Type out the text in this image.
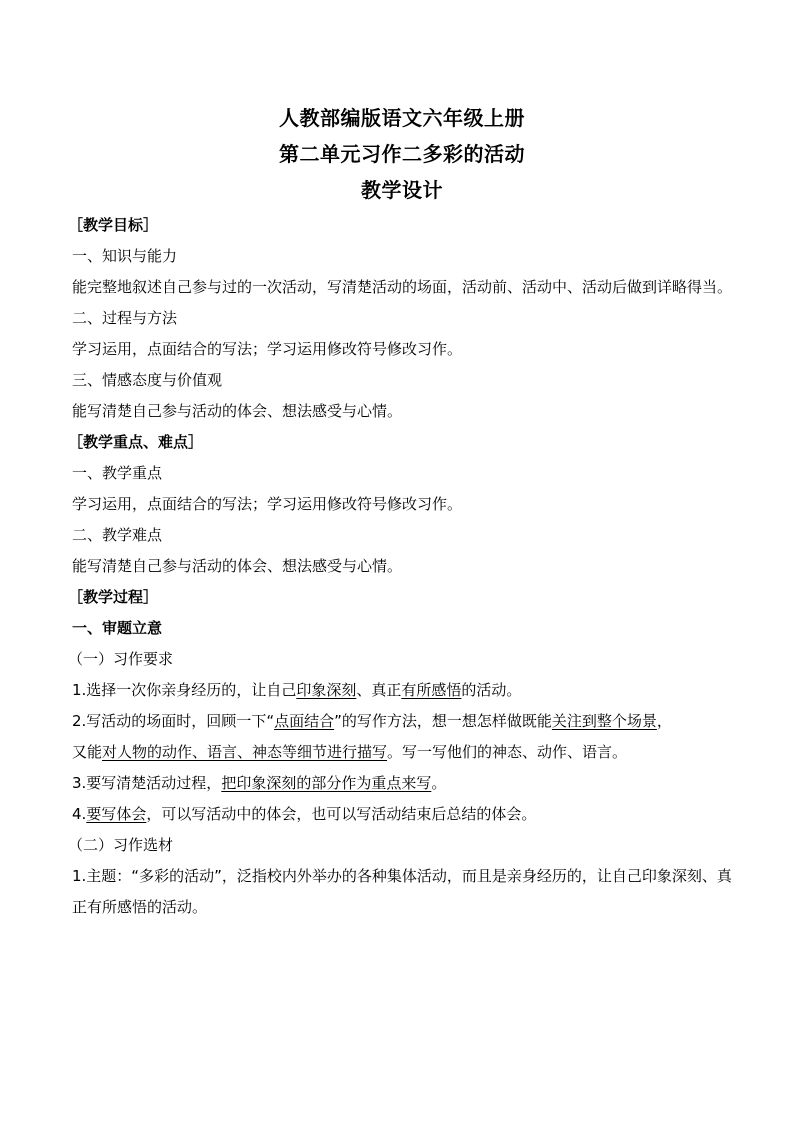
人教部编版语文六年级上册
第二单元习作二多彩的活动
教学设计
［教学目标］
一、知识与能力
能完整地叙述自己参与过的一次活动，写清楚活动的场面，活动前、活动中、活动后做到详略得当。
二、过程与方法
学习运用，点面结合的写法；学习运用修改符号修改习作。
三、情感态度与价值观
能写清楚自己参与活动的体会、想法感受与心情。
［教学重点、难点］
一、教学重点
学习运用，点面结合的写法；学习运用修改符号修改习作。
二、教学难点
能写清楚自己参与活动的体会、想法感受与心情。
［教学过程］
一、审题立意
（一）习作要求
1.选择一次你亲身经历的，让自己印象深刻、真正有所感悟的活动。
2.写活动的场面时，回顾一下“点面结合”的写作方法，想一想怎样做既能关注到整个场景，
又能对人物的动作、语言、神态等细节进行描写。写一写他们的神态、动作、语言。
3.要写清楚活动过程，把印象深刻的部分作为重点来写。
4.要写体会，可以写活动中的体会，也可以写活动结束后总结的体会。
（二）习作选材
1.主题：“多彩的活动”，泛指校内外举办的各种集体活动，而且是亲身经历的，让自己印象深刻、真正有所感悟的活动。
